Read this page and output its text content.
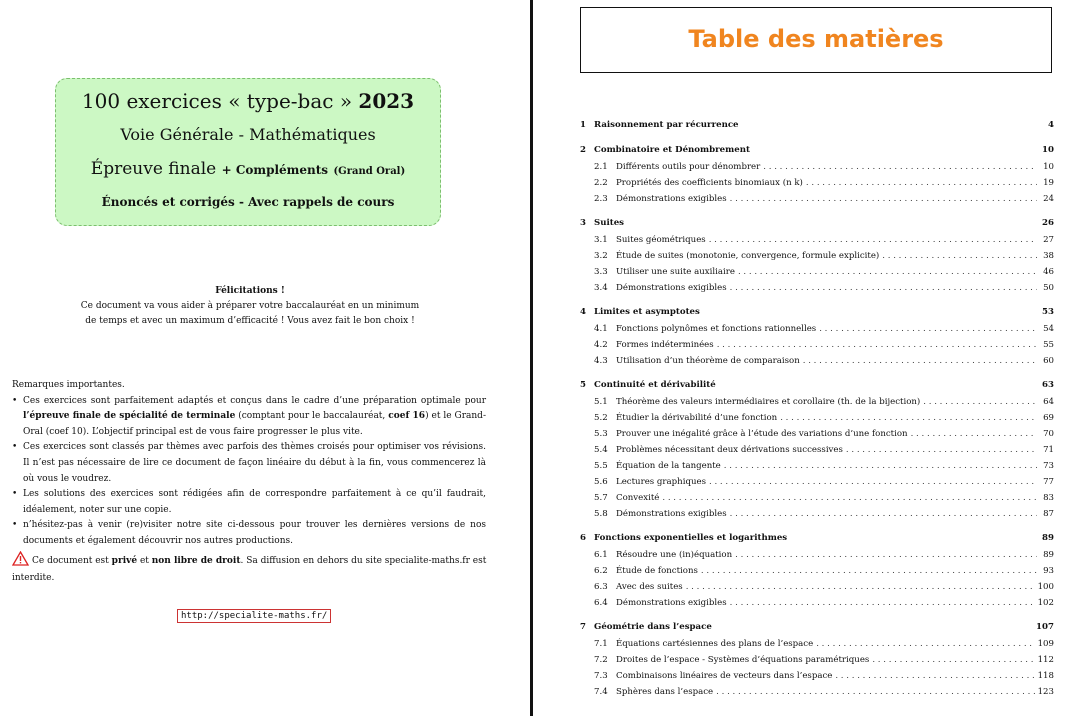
100 exercices « type-bac » 2023
Voie Générale - Mathématiques
Épreuve finale + Compléments (Grand Oral)
Énoncés et corrigés - Avec rappels de cours
Félicitations !
Ce document va vous aider à préparer votre baccalauréat en un minimum
de temps et avec un maximum d’efficacité ! Vous avez fait le bon choix !
Remarques importantes.
• Ces exercices sont parfaitement adaptés et conçus dans le cadre d’une préparation optimale pour l’épreuve finale de spécialité de terminale (comptant pour le baccalauréat, coef 16) et le Grand-Oral (coef 10). L’objectif principal est de vous faire progresser le plus vite.
• Ces exercices sont classés par thèmes avec parfois des thèmes croisés pour optimiser vos révisions. Il n’est pas nécessaire de lire ce document de façon linéaire du début à la fin, vous commencerez là où vous le voudrez.
• Les solutions des exercices sont rédigées afin de correspondre parfaitement à ce qu’il faudrait, idéalement, noter sur une copie.
• n’hésitez-pas à venir (re)visiter notre site ci-dessous pour trouver les dernières versions de nos documents et également découvrir nos autres productions.
Ce document est privé et non libre de droit. Sa diffusion en dehors du site specialite-maths.fr est interdite.
http://specialite-maths.fr/
Table des matières
1 Raisonnement par récurrence	4
2 Combinatoire et Dénombrement	10
2.1 Différents outils pour dénombrer . . .	10
2.2 Propriétés des coefficients binomiaux (n k) . . .	19
2.3 Démonstrations exigibles . . .	24
3 Suites	26
3.1 Suites géométriques . . .	27
3.2 Étude de suites (monotonie, convergence, formule explicite) . . .	38
3.3 Utiliser une suite auxiliaire . . .	46
3.4 Démonstrations exigibles . . .	50
4 Limites et asymptotes	53
4.1 Fonctions polynômes et fonctions rationnelles . . .	54
4.2 Formes indéterminées . . .	55
4.3 Utilisation d’un théorème de comparaison . . .	60
5 Continuité et dérivabilité	63
5.1 Théorème des valeurs intermédiaires et corollaire (th. de la bijection) . . .	64
5.2 Étudier la dérivabilité d’une fonction . . .	69
5.3 Prouver une inégalité grâce à l’étude des variations d’une fonction . . .	70
5.4 Problèmes nécessitant deux dérivations successives . . .	71
5.5 Équation de la tangente . . .	73
5.6 Lectures graphiques . . .	77
5.7 Convexité . . .	83
5.8 Démonstrations exigibles . . .	87
6 Fonctions exponentielles et logarithmes	89
6.1 Résoudre une (in)équation . . .	89
6.2 Étude de fonctions . . .	93
6.3 Avec des suites . . .	100
6.4 Démonstrations exigibles . . .	102
7 Géométrie dans l’espace	107
7.1 Équations cartésiennes des plans de l’espace . . .	109
7.2 Droites de l’espace - Systèmes d’équations paramétriques . . .	112
7.3 Combinaisons linéaires de vecteurs dans l’espace . . .	118
7.4 Sphères dans l’espace . . .	123
